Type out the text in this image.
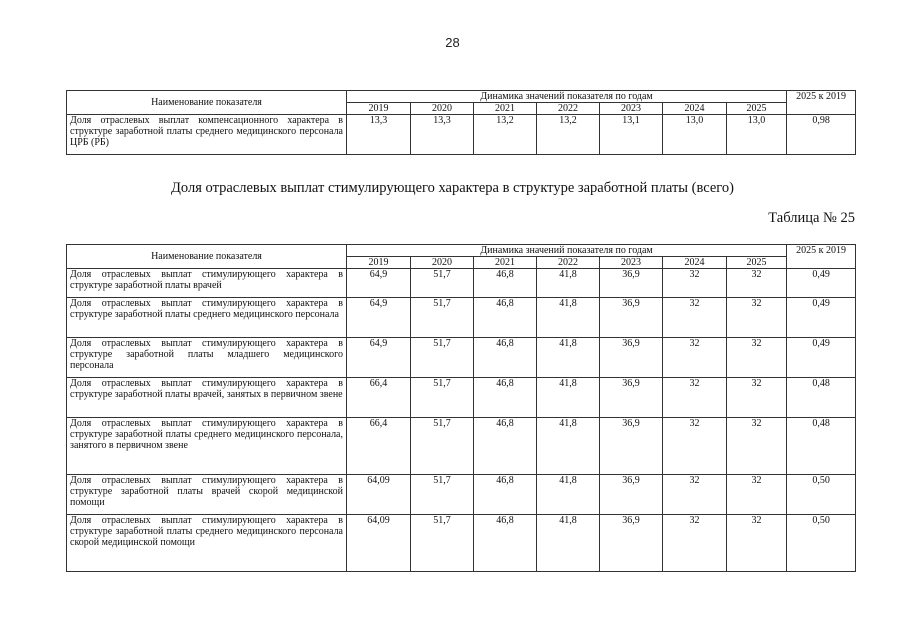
28
Наименование показателя	Динамика значений показателя по годам							2025 к 2019
	2019	2020	2021	2022	2023	2024	2025	
Доля отраслевых выплат компенсационного характера в структуре заработной платы среднего медицинского персонала ЦРБ (РБ)	13,3	13,3	13,2	13,2	13,1	13,0	13,0	0,98
Доля отраслевых выплат стимулирующего характера в структуре заработной платы (всего)
Таблица № 25
Наименование показателя	Динамика значений показателя по годам							2025 к 2019
	2019	2020	2021	2022	2023	2024	2025	
Доля отраслевых выплат стимулирующего характера в структуре заработной платы врачей	64,9	51,7	46,8	41,8	36,9	32	32	0,49
Доля отраслевых выплат стимулирующего характера в структуре заработной платы среднего медицинского персонала	64,9	51,7	46,8	41,8	36,9	32	32	0,49
Доля отраслевых выплат стимулирующего характера в структуре заработной платы младшего медицинского персонала	64,9	51,7	46,8	41,8	36,9	32	32	0,49
Доля отраслевых выплат стимулирующего характера в структуре заработной платы врачей, занятых в первичном звене	66,4	51,7	46,8	41,8	36,9	32	32	0,48
Доля отраслевых выплат стимулирующего характера в структуре заработной платы среднего медицинского персонала, занятого в первичном звене	66,4	51,7	46,8	41,8	36,9	32	32	0,48
Доля отраслевых выплат стимулирующего характера в структуре заработной платы врачей скорой медицинской помощи	64,09	51,7	46,8	41,8	36,9	32	32	0,50
Доля отраслевых выплат стимулирующего характера в структуре заработной платы среднего медицинского персонала скорой медицинской помощи	64,09	51,7	46,8	41,8	36,9	32	32	0,50
